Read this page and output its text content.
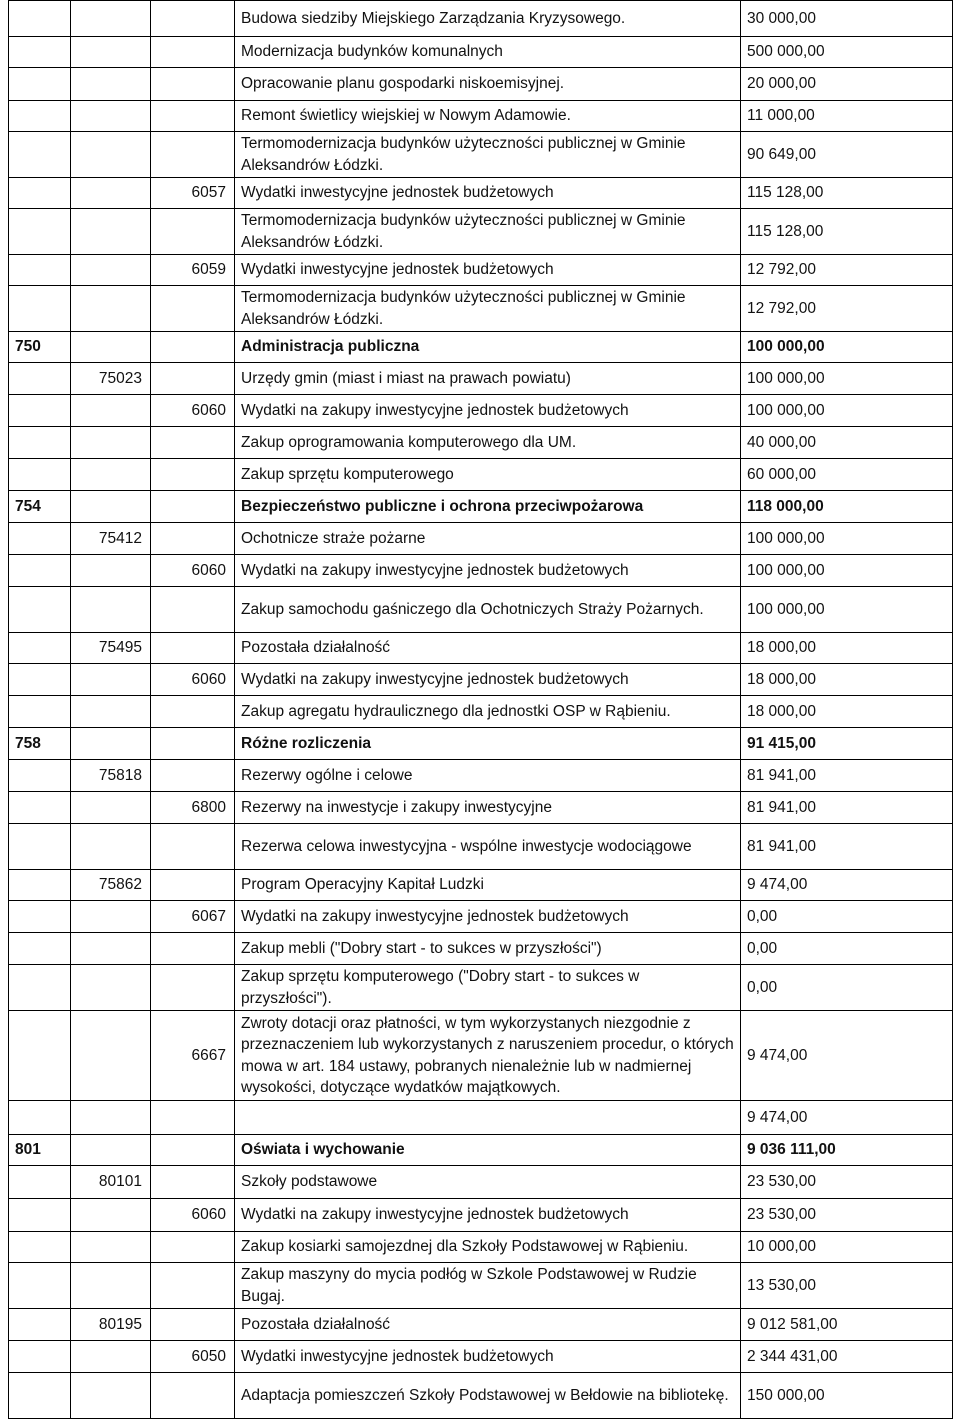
			Budowa siedziby Miejskiego Zarządzania Kryzysowego.	30 000,00
			Modernizacja budynków komunalnych	500 000,00
			Opracowanie planu gospodarki niskoemisyjnej.	20 000,00
			Remont świetlicy wiejskiej w Nowym Adamowie.	11 000,00
			Termomodernizacja budynków użyteczności publicznej w Gminie Aleksandrów Łódzki.	90 649,00
		6057	Wydatki inwestycyjne jednostek budżetowych	115 128,00
			Termomodernizacja budynków użyteczności publicznej w Gminie Aleksandrów Łódzki.	115 128,00
		6059	Wydatki inwestycyjne jednostek budżetowych	12 792,00
			Termomodernizacja budynków użyteczności publicznej w Gminie Aleksandrów Łódzki.	12 792,00
750			Administracja publiczna	100 000,00
	75023		Urzędy gmin (miast i miast na prawach powiatu)	100 000,00
		6060	Wydatki na zakupy inwestycyjne jednostek budżetowych	100 000,00
			Zakup oprogramowania komputerowego dla UM.	40 000,00
			Zakup sprzętu komputerowego	60 000,00
754			Bezpieczeństwo publiczne i ochrona przeciwpożarowa	118 000,00
	75412		Ochotnicze straże pożarne	100 000,00
		6060	Wydatki na zakupy inwestycyjne jednostek budżetowych	100 000,00
			Zakup samochodu gaśniczego dla Ochotniczych Straży Pożarnych.	100 000,00
	75495		Pozostała działalność	18 000,00
		6060	Wydatki na zakupy inwestycyjne jednostek budżetowych	18 000,00
			Zakup agregatu hydraulicznego dla jednostki OSP w Rąbieniu.	18 000,00
758			Różne rozliczenia	91 415,00
	75818		Rezerwy ogólne i celowe	81 941,00
		6800	Rezerwy na inwestycje i zakupy inwestycyjne	81 941,00
			Rezerwa celowa inwestycyjna - wspólne inwestycje wodociągowe	81 941,00
	75862		Program Operacyjny Kapitał Ludzki	9 474,00
		6067	Wydatki na zakupy inwestycyjne jednostek budżetowych	0,00
			Zakup mebli ("Dobry start - to sukces w przyszłości")	0,00
			Zakup sprzętu komputerowego ("Dobry start - to sukces w przyszłości").	0,00
		6667	Zwroty dotacji oraz płatności, w tym wykorzystanych niezgodnie z przeznaczeniem lub wykorzystanych z naruszeniem procedur, o których mowa w art. 184 ustawy, pobranych nienależnie lub w nadmiernej wysokości, dotyczące wydatków majątkowych.	9 474,00
				9 474,00
801			Oświata i wychowanie	9 036 111,00
	80101		Szkoły podstawowe	23 530,00
		6060	Wydatki na zakupy inwestycyjne jednostek budżetowych	23 530,00
			Zakup kosiarki samojezdnej dla Szkoły Podstawowej w Rąbieniu.	10 000,00
			Zakup maszyny do mycia podłóg w Szkole Podstawowej w Rudzie Bugaj.	13 530,00
	80195		Pozostała działalność	9 012 581,00
		6050	Wydatki inwestycyjne jednostek budżetowych	2 344 431,00
			Adaptacja pomieszczeń Szkoły Podstawowej w Bełdowie na bibliotekę.	150 000,00
